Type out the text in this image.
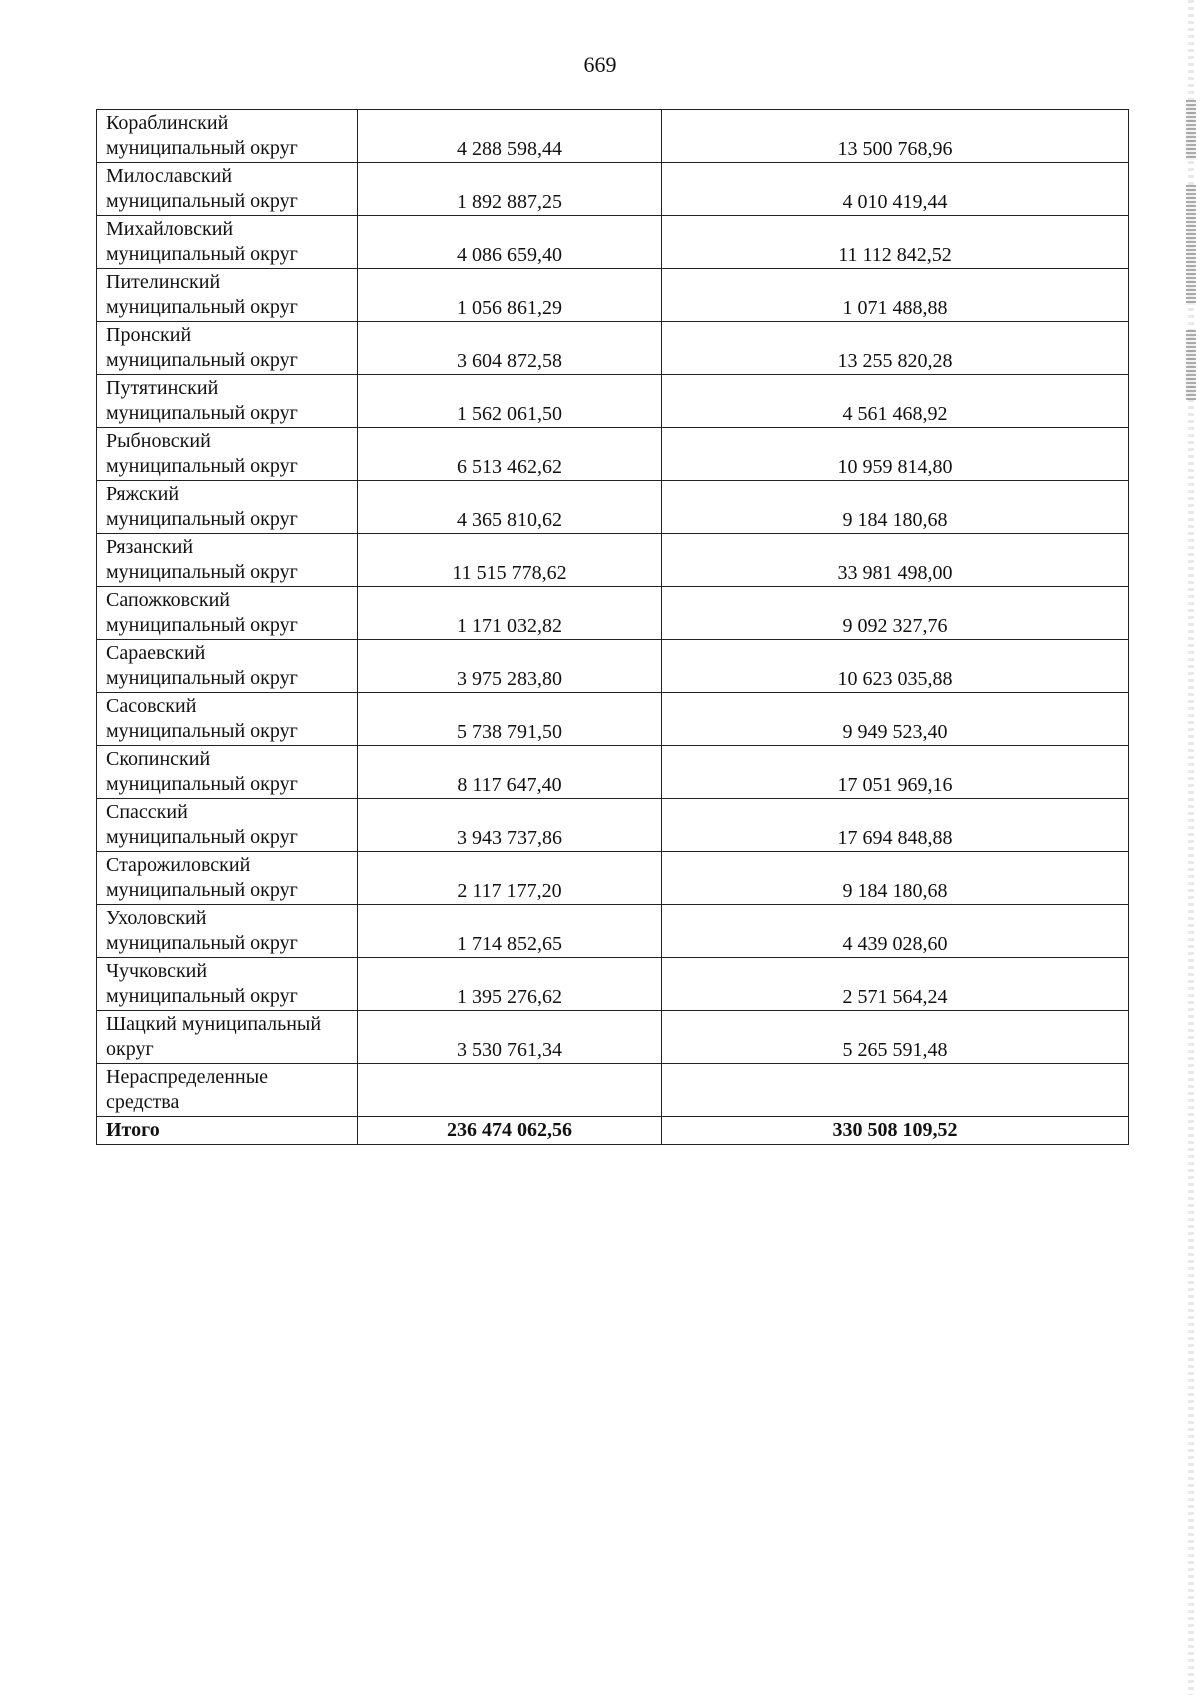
669
Кораблинский
муниципальный округ	4 288 598,44	13 500 768,96

Милославский
муниципальный округ	1 892 887,25	4 010 419,44

Михайловский
муниципальный округ	4 086 659,40	11 112 842,52

Пителинский
муниципальный округ	1 056 861,29	1 071 488,88

Пронский
муниципальный округ	3 604 872,58	13 255 820,28

Путятинский
муниципальный округ	1 562 061,50	4 561 468,92

Рыбновский
муниципальный округ	6 513 462,62	10 959 814,80

Ряжский
муниципальный округ	4 365 810,62	9 184 180,68

Рязанский
муниципальный округ	11 515 778,62	33 981 498,00

Сапожковский
муниципальный округ	1 171 032,82	9 092 327,76

Сараевский
муниципальный округ	3 975 283,80	10 623 035,88

Сасовский
муниципальный округ	5 738 791,50	9 949 523,40

Скопинский
муниципальный округ	8 117 647,40	17 051 969,16

Спасский
муниципальный округ	3 943 737,86	17 694 848,88

Старожиловский
муниципальный округ	2 117 177,20	9 184 180,68

Ухоловский
муниципальный округ	1 714 852,65	4 439 028,60

Чучковский
муниципальный округ	1 395 276,62	2 571 564,24

Шацкий муниципальный
округ	3 530 761,34	5 265 591,48

Нераспределенные
средства		

Итого	236 474 062,56	330 508 109,52
